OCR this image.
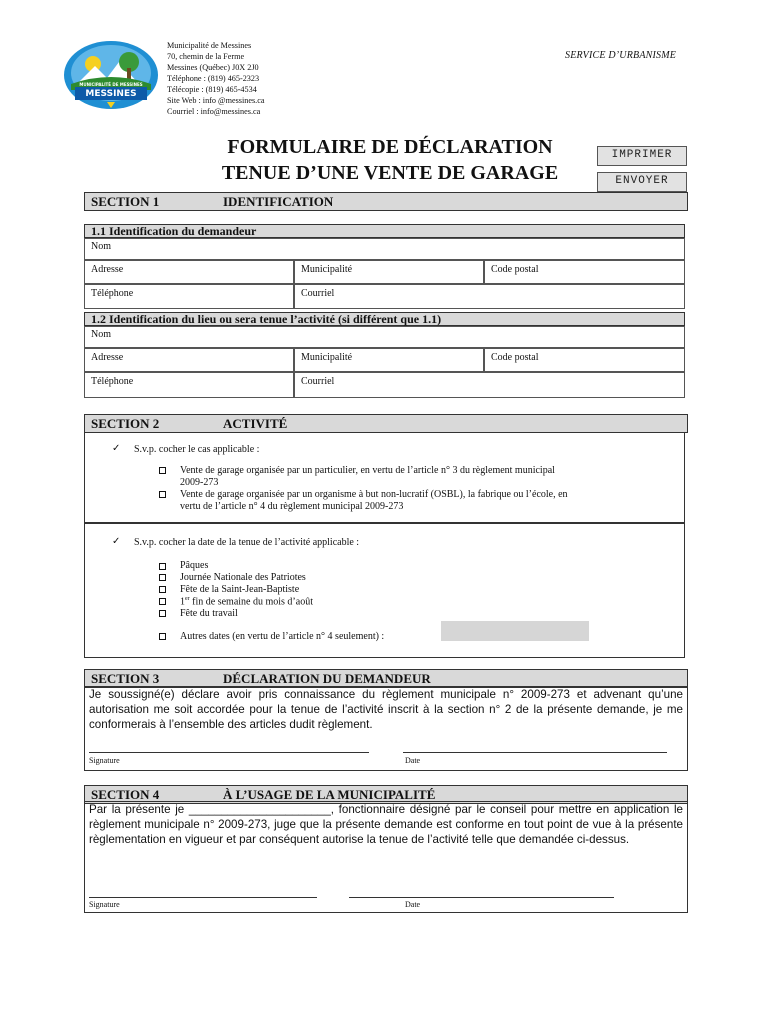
MESSINES
MUNICIPALITÉ DE MESSINES
Municipalité de Messines
70, chemin de la Ferme
Messines (Québec) J0X 2J0
Téléphone : (819) 465-2323
Télécopie : (819) 465-4534
Site Web : info @messines.ca
Courriel : info@messines.ca
SERVICE D’URBANISME
FORMULAIRE DE DÉCLARATION
TENUE D’UNE VENTE DE GARAGE
IMPRIMER
ENVOYER
SECTION 1	IDENTIFICATION
1.1 Identification du demandeur
Nom
Adresse	Municipalité	Code postal
Téléphone	Courriel
1.2 Identification du lieu ou sera tenue l’activité (si différent que 1.1)
Nom
Adresse	Municipalité	Code postal
Téléphone	Courriel
SECTION 2	ACTIVITÉ
✓ S.v.p. cocher le cas applicable :
Vente de garage organisée par un particulier, en vertu de l’article n° 3 du règlement municipal
2009-273
Vente de garage organisée par un organisme à but non-lucratif (OSBL), la fabrique ou l’école, en
vertu de l’article n° 4 du règlement municipal 2009-273
✓ S.v.p. cocher la date de la tenue de l’activité applicable :
Pâques
Journée Nationale des Patriotes
Fête de la Saint-Jean-Baptiste
1er fin de semaine du mois d’août
Fête du travail
Autres dates (en vertu de l’article n° 4 seulement) :
SECTION 3	DÉCLARATION DU DEMANDEUR
Je soussigné(e) déclare avoir pris connaissance du règlement municipale n° 2009-273 et advenant qu’une autorisation me soit accordée pour la tenue de l’activité inscrit à la section n° 2 de la présente demande, je me conformerais à l’ensemble des articles dudit règlement.
Signature	Date
SECTION 4	À L’USAGE DE LA MUNICIPALITÉ
Par la présente je ______________________, fonctionnaire désigné par le conseil pour mettre en application le règlement municipale n° 2009-273, juge que la présente demande est conforme en tout point de vue à la présente règlementation en vigueur et par conséquent autorise la tenue de l’activité telle que demandée ci-dessus.
Signature	Date
